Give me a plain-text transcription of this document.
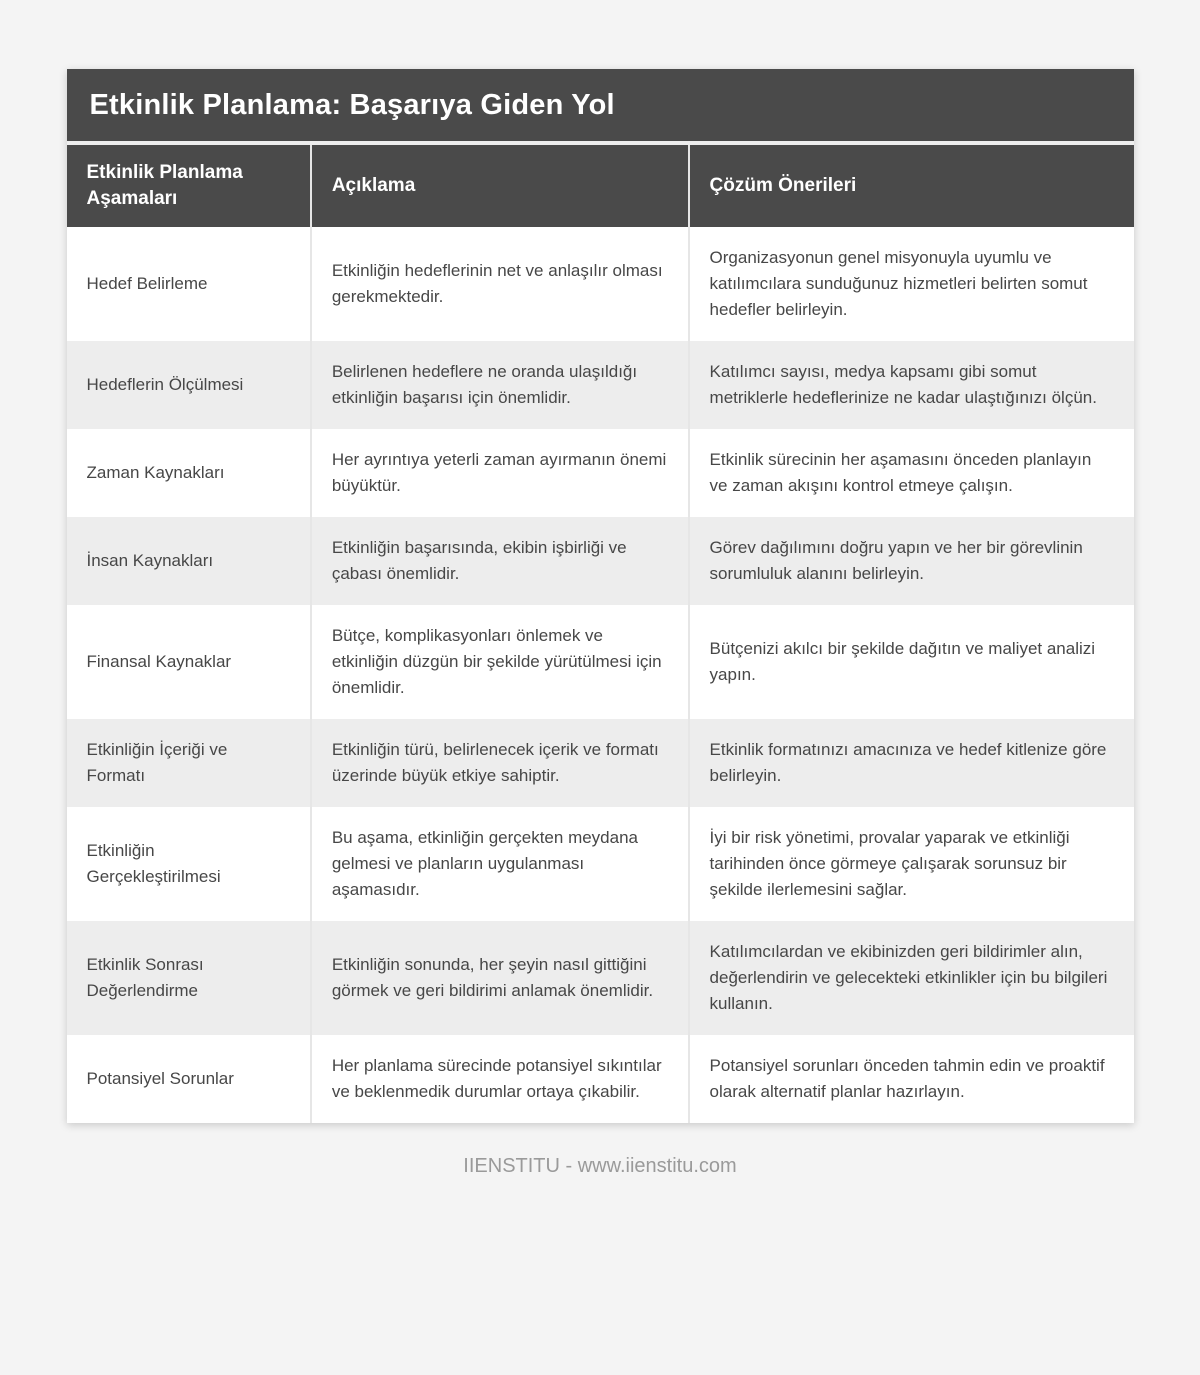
Etkinlik Planlama: Başarıya Giden Yol
Etkinlik Planlama Aşamaları	Açıklama	Çözüm Önerileri
Hedef Belirleme	Etkinliğin hedeflerinin net ve anlaşılır olması gerekmektedir.	Organizasyonun genel misyonuyla uyumlu ve katılımcılara sunduğunuz hizmetleri belirten somut hedefler belirleyin.
Hedeflerin Ölçülmesi	Belirlenen hedeflere ne oranda ulaşıldığı etkinliğin başarısı için önemlidir.	Katılımcı sayısı, medya kapsamı gibi somut metriklerle hedeflerinize ne kadar ulaştığınızı ölçün.
Zaman Kaynakları	Her ayrıntıya yeterli zaman ayırmanın önemi büyüktür.	Etkinlik sürecinin her aşamasını önceden planlayın ve zaman akışını kontrol etmeye çalışın.
İnsan Kaynakları	Etkinliğin başarısında, ekibin işbirliği ve çabası önemlidir.	Görev dağılımını doğru yapın ve her bir görevlinin sorumluluk alanını belirleyin.
Finansal Kaynaklar	Bütçe, komplikasyonları önlemek ve etkinliğin düzgün bir şekilde yürütülmesi için önemlidir.	Bütçenizi akılcı bir şekilde dağıtın ve maliyet analizi yapın.
Etkinliğin İçeriği ve Formatı	Etkinliğin türü, belirlenecek içerik ve formatı üzerinde büyük etkiye sahiptir.	Etkinlik formatınızı amacınıza ve hedef kitlenize göre belirleyin.
Etkinliğin Gerçekleştirilmesi	Bu aşama, etkinliğin gerçekten meydana gelmesi ve planların uygulanması aşamasıdır.	İyi bir risk yönetimi, provalar yaparak ve etkinliği tarihinden önce görmeye çalışarak sorunsuz bir şekilde ilerlemesini sağlar.
Etkinlik Sonrası Değerlendirme	Etkinliğin sonunda, her şeyin nasıl gittiğini görmek ve geri bildirimi anlamak önemlidir.	Katılımcılardan ve ekibinizden geri bildirimler alın, değerlendirin ve gelecekteki etkinlikler için bu bilgileri kullanın.
Potansiyel Sorunlar	Her planlama sürecinde potansiyel sıkıntılar ve beklenmedik durumlar ortaya çıkabilir.	Potansiyel sorunları önceden tahmin edin ve proaktif olarak alternatif planlar hazırlayın.
IIENSTITU - www.iienstitu.com
